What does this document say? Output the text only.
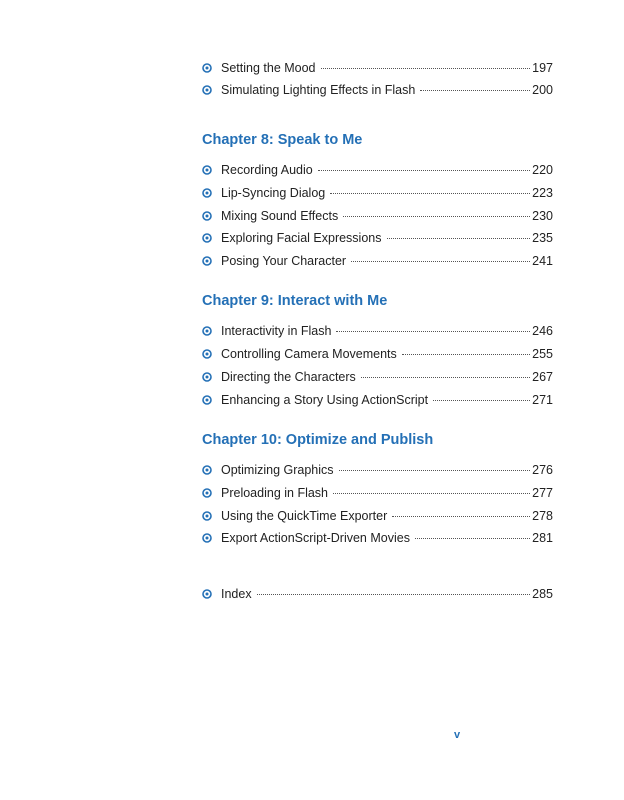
Setting the Mood	197
Simulating Lighting Effects in Flash	200
Chapter 8: Speak to Me
Recording Audio	220
Lip-Syncing Dialog	223
Mixing Sound Effects	230
Exploring Facial Expressions	235
Posing Your Character	241
Chapter 9: Interact with Me
Interactivity in Flash	246
Controlling Camera Movements	255
Directing the Characters	267
Enhancing a Story Using ActionScript	271
Chapter 10: Optimize and Publish
Optimizing Graphics	276
Preloading in Flash	277
Using the QuickTime Exporter	278
Export ActionScript-Driven Movies	281
Index	285
v
